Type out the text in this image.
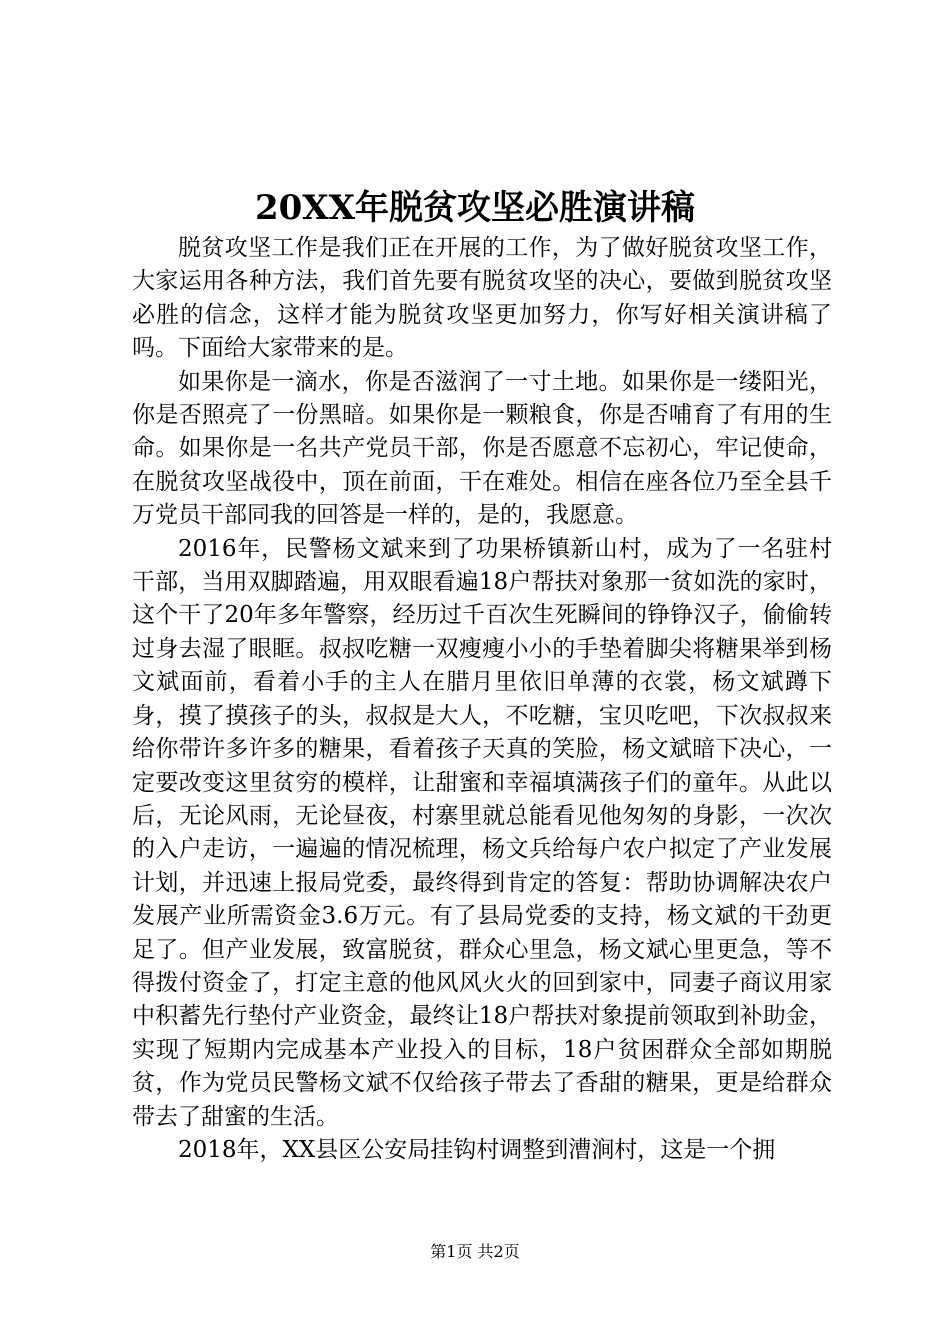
20XX年脱贫攻坚必胜演讲稿

脱贫攻坚工作是我们正在开展的工作，为了做好脱贫攻坚工作，大家运用各种方法，我们首先要有脱贫攻坚的决心，要做到脱贫攻坚必胜的信念，这样才能为脱贫攻坚更加努力，你写好相关演讲稿了吗。下面给大家带来的是。

如果你是一滴水，你是否滋润了一寸土地。如果你是一缕阳光，你是否照亮了一份黑暗。如果你是一颗粮食，你是否哺育了有用的生命。如果你是一名共产党员干部，你是否愿意不忘初心，牢记使命，在脱贫攻坚战役中，顶在前面，干在难处。相信在座各位乃至全县千万党员干部同我的回答是一样的，是的，我愿意。

2016年，民警杨文斌来到了功果桥镇新山村，成为了一名驻村干部，当用双脚踏遍，用双眼看遍18户帮扶对象那一贫如洗的家时，这个干了20年多年警察，经历过千百次生死瞬间的铮铮汉子，偷偷转过身去湿了眼眶。叔叔吃糖一双瘦瘦小小的手垫着脚尖将糖果举到杨文斌面前，看着小手的主人在腊月里依旧单薄的衣裳，杨文斌蹲下身，摸了摸孩子的头，叔叔是大人，不吃糖，宝贝吃吧，下次叔叔来给你带许多许多的糖果，看着孩子天真的笑脸，杨文斌暗下决心，一定要改变这里贫穷的模样，让甜蜜和幸福填满孩子们的童年。从此以后，无论风雨，无论昼夜，村寨里就总能看见他匆匆的身影，一次次的入户走访，一遍遍的情况梳理，杨文兵给每户农户拟定了产业发展计划，并迅速上报局党委，最终得到肯定的答复：帮助协调解决农户发展产业所需资金3.6万元。有了县局党委的支持，杨文斌的干劲更足了。但产业发展，致富脱贫，群众心里急，杨文斌心里更急，等不得拨付资金了，打定主意的他风风火火的回到家中，同妻子商议用家中积蓄先行垫付产业资金，最终让18户帮扶对象提前领取到补助金，实现了短期内完成基本产业投入的目标，18户贫困群众全部如期脱贫，作为党员民警杨文斌不仅给孩子带去了香甜的糖果，更是给群众带去了甜蜜的生活。

2018年，XX县区公安局挂钩村调整到漕涧村，这是一个拥

第1页 共2页
